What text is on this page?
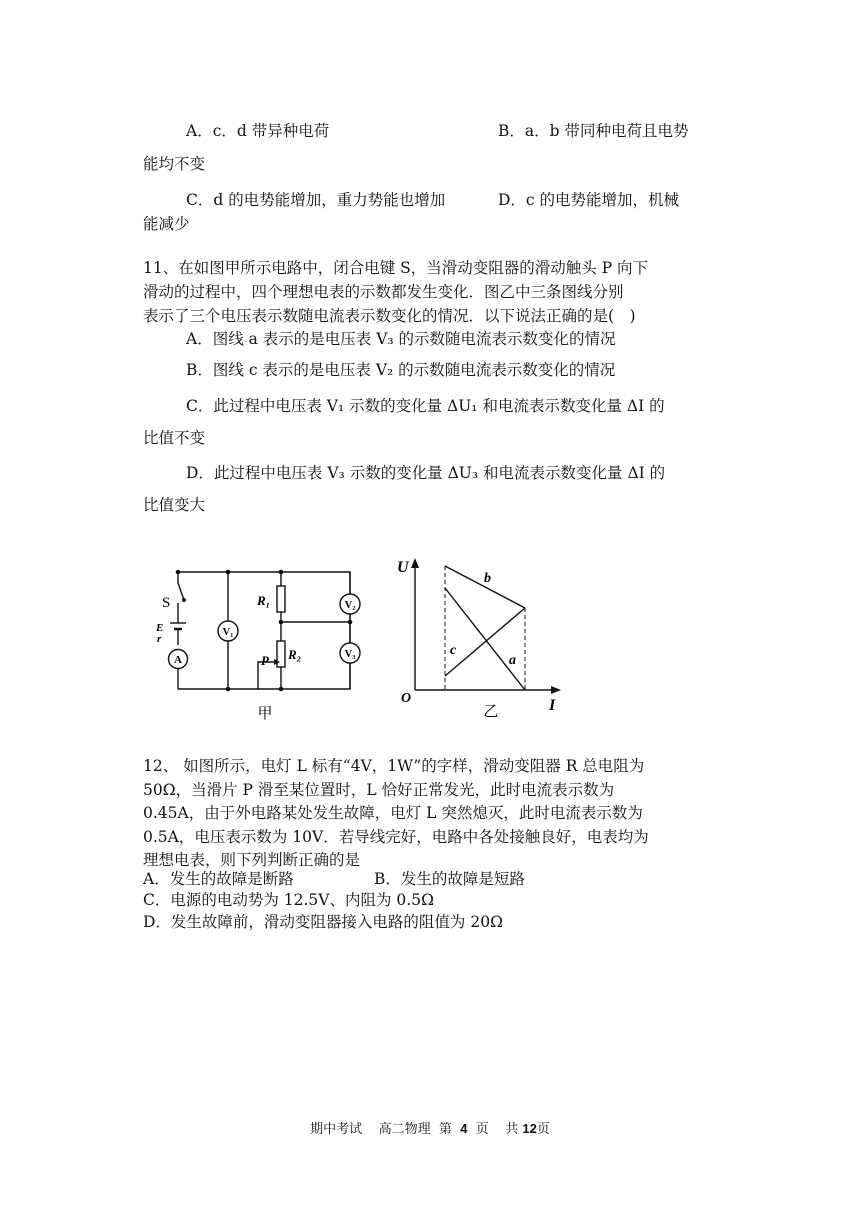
A．c．d 带异种电荷	B．a．b 带同种电荷且电势
能均不变
C．d 的电势能增加，重力势能也增加	D．c 的电势能增加，机械
能减少
11、在如图甲所示电路中，闭合电键 S，当滑动变阻器的滑动触头 P 向下
滑动的过程中，四个理想电表的示数都发生变化．图乙中三条图线分别
表示了三个电压表示数随电流表示数变化的情况．以下说法正确的是(　)
A．图线 a 表示的是电压表 V₃ 的示数随电流表示数变化的情况
B．图线 c 表示的是电压表 V₂ 的示数随电流表示数变化的情况
C．此过程中电压表 V₁ 示数的变化量 ΔU₁ 和电流表示数变化量 ΔI 的
比值不变
D．此过程中电压表 V₃ 示数的变化量 ΔU₃ 和电流表示数变化量 ΔI 的
比值变大
S
E
r
A
V₁
V₂
V₃
R₁
R₂
P
甲
U
I
O
b
c
a
乙
12、 如图所示，电灯 L 标有“4V，1W”的字样，滑动变阻器 R 总电阻为
50Ω，当滑片 P 滑至某位置时，L 恰好正常发光，此时电流表示数为
0.45A，由于外电路某处发生故障，电灯 L 突然熄灭，此时电流表示数为
0.5A，电压表示数为 10V．若导线完好，电路中各处接触良好，电表均为
理想电表，则下列判断正确的是
A．发生的故障是断路	B．发生的故障是短路
C．电源的电动势为 12.5V、内阻为 0.5Ω
D．发生故障前，滑动变阻器接入电路的阻值为 20Ω
期中考试 高二物理 第 4 页 共 12页
